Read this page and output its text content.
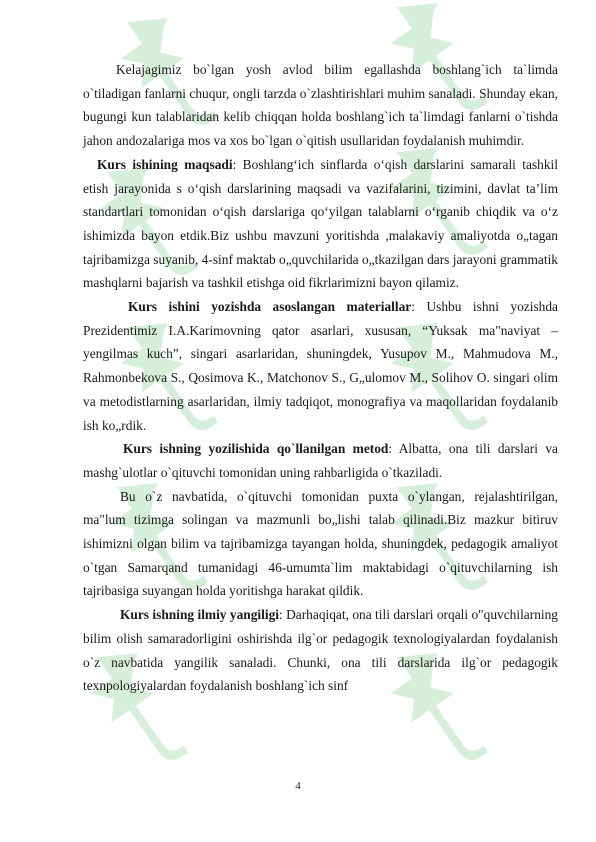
Kelajagimiz bo`lgan yosh avlod bilim egallashda boshlang`ich ta`limda o`tiladigan fanlarni chuqur, ongli tarzda o`zlashtirishlari muhim sanaladi. Shunday ekan, bugungi kun talablaridan kelib chiqqan holda boshlang`ich ta`limdagi fanlarni o`tishda jahon andozalariga mos va xos bo`lgan o`qitish usullaridan foydalanish muhimdir.

Kurs ishining maqsadi: Boshlang‘ich sinflarda o‘qish darslarini samarali tashkil etish jarayonida s o‘qish darslarining maqsadi va vazifalarini, tizimini, davlat ta’lim standartlari tomonidan o‘qish darslariga qo‘yilgan talablarni o‘rganib chiqdik va o‘z ishimizda bayon etdik.Biz ushbu mavzuni yoritishda ,malakaviy amaliyotda o„tagan tajribamizga suyanib, 4-sinf maktab o„quvchilarida o„tkazilgan dars jarayoni grammatik mashqlarni bajarish va tashkil etishga oid fikrlarimizni bayon qilamiz.

Kurs ishini yozishda asoslangan materiallar: Ushbu ishni yozishda Prezidentimiz I.A.Karimovning qator asarlari, xususan, “Yuksak ma"naviyat – yengilmas kuch”, singari asarlaridan, shuningdek, Yusupov M., Mahmudova M., Rahmonbekova S., Qosimova K., Matchonov S., G„ulomov M., Solihov O. singari olim va metodistlarning asarlaridan, ilmiy tadqiqot, monografiya va maqollaridan foydalanib ish ko„rdik.

Kurs ishning yozilishida qo`llanilgan metod: Albatta, ona tili darslari va mashg`ulotlar o`qituvchi tomonidan uning rahbarligida o`tkaziladi.

Bu o`z navbatida, o`qituvchi tomonidan puxta o`ylangan, rejalashtirilgan, ma"lum tizimga solingan va mazmunli bo„lishi talab qilinadi.Biz mazkur bitiruv ishimizni olgan bilim va tajribamizga tayangan holda, shuningdek, pedagogik amaliyot o`tgan Samarqand tumanidagi 46-umumta`lim maktabidagi o`qituvchilarning ish tajribasiga suyangan holda yoritishga harakat qildik.

Kurs ishning ilmiy yangiligi: Darhaqiqat, ona tili darslari orqali o"quvchilarning bilim olish samaradorligini oshirishda ilg`or pedagogik texnologiyalardan foydalanish o`z navbatida yangilik sanaladi. Chunki, ona tili darslarida ilg`or pedagogik texnpologiyalardan foydalanish boshlang`ich sinf

4
